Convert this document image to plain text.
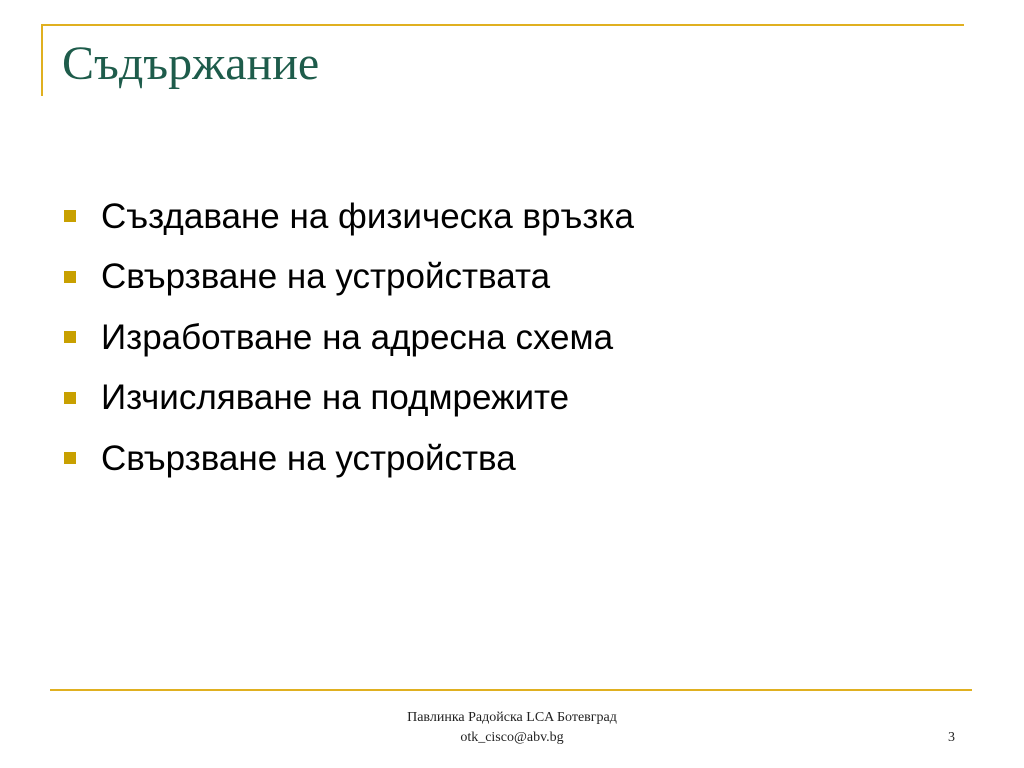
Съдържание
Създаване на физическа връзка
Свързване на устройствата
Изработване на адресна схема
Изчисляване на подмрежите
Свързване на устройства
Павлинка Радойска LCA Ботевград
otk_cisco@abv.bg	3
